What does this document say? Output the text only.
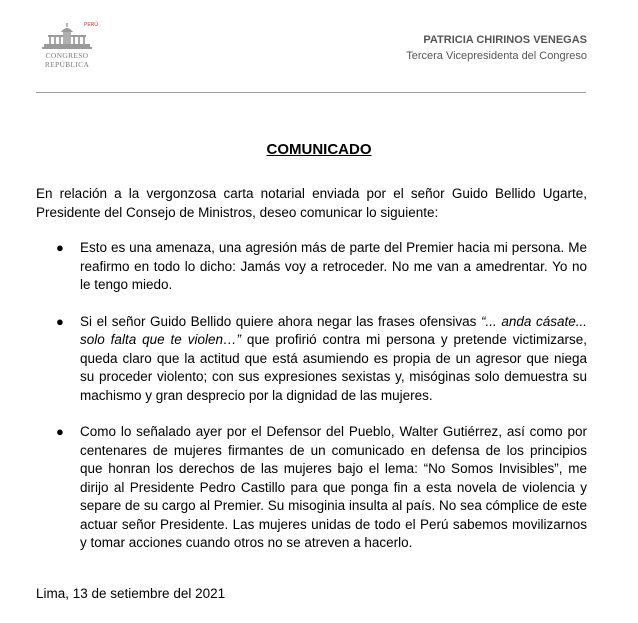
PERÚ
CONGRESO
REPÚBLICA
PATRICIA CHIRINOS VENEGAS
Tercera Vicepresidenta del Congreso
COMUNICADO
En relación a la vergonzosa carta notarial enviada por el señor Guido Bellido Ugarte, Presidente del Consejo de Ministros, deseo comunicar lo siguiente:
● Esto es una amenaza, una agresión más de parte del Premier hacia mi persona. Me reafirmo en todo lo dicho: Jamás voy a retroceder. No me van a amedrentar. Yo no le tengo miedo.
● Si el señor Guido Bellido quiere ahora negar las frases ofensivas “... anda cásate... solo falta que te violen…” que profirió contra mi persona y pretende victimizarse, queda claro que la actitud que está asumiendo es propia de un agresor que niega su proceder violento; con sus expresiones sexistas y, misóginas solo demuestra su machismo y gran desprecio por la dignidad de las mujeres.
● Como lo señalado ayer por el Defensor del Pueblo, Walter Gutiérrez, así como por centenares de mujeres firmantes de un comunicado en defensa de los principios que honran los derechos de las mujeres bajo el lema: “No Somos Invisibles”, me dirijo al Presidente Pedro Castillo para que ponga fin a esta novela de violencia y separe de su cargo al Premier. Su misoginia insulta al país. No sea cómplice de este actuar señor Presidente. Las mujeres unidas de todo el Perú sabemos movilizarnos y tomar acciones cuando otros no se atreven a hacerlo.
Lima, 13 de setiembre del 2021
